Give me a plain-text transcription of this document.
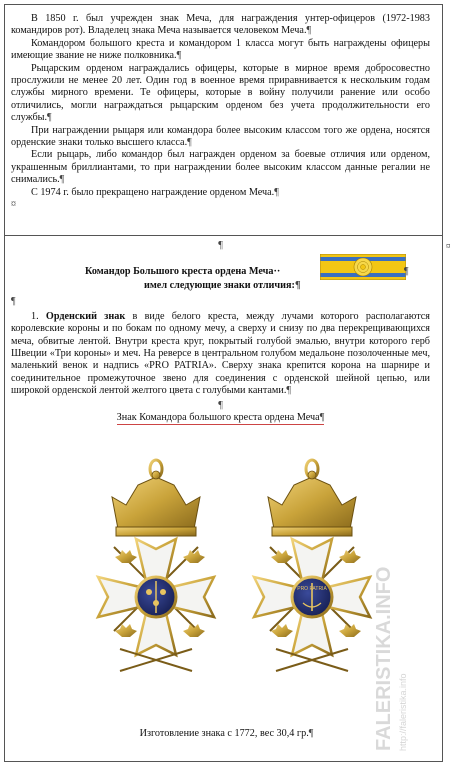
В 1850 г. был учрежден знак Меча, для награждения унтер-офицеров (1972-1983 командиров рот). Владелец знака Меча называется человеком Меча.¶

Командором большого креста и командором 1 класса могут быть награждены офицеры имеющие звание не ниже полковника.¶

Рыцарским орденом награждались офицеры, которые в мирное время добросовестно прослужили не менее 20 лет. Один год в военное время приравнивается к нескольким годам службы мирного времени. Те офицеры, которые в войну получили ранение или особо отличились, могли награждаться рыцарским орденом без учета продолжительности его службы.¶

При награждении рыцаря или командора более высоким классом того же ордена, носятся орденские знаки только высшего класса.¶

Если рыцарь, либо командор был награжден орденом за боевые отличия или орденом, украшенным бриллиантами, то при награждении более высоким классом данные регалии не снимались.¶

С 1974 г. было прекращено награждение орденом Меча.¶

¤
¤
¶
Командор Большого креста ордена Меча··
имел следующие знаки отличия:¶
¶
¶

1. Орденский знак в виде белого креста, между лучами которого располагаются королевские короны и по бокам по одному мечу, а сверху и снизу по два перекрещивающихся меча, обвитые лентой. Внутри креста круг, покрытый голубой эмалью, внутри которого герб Швеции «Три короны» и меч. На реверсе в центральном голубом медальоне позолоченные меч, маленький венок и надпись «PRO PATRIA». Сверху знака крепится корона на шарнире и соединительное промежуточное звено для соединения с орденской шейной цепью, или широкой орденской лентой желтого цвета с голубыми кантами.¶

¶
Знак Командора большого креста ордена Меча¶
PRO PATRIA FALERISTIKA.INFO http://faleristika.info
Изготовление знака с 1772, вес 30,4 гр.¶
